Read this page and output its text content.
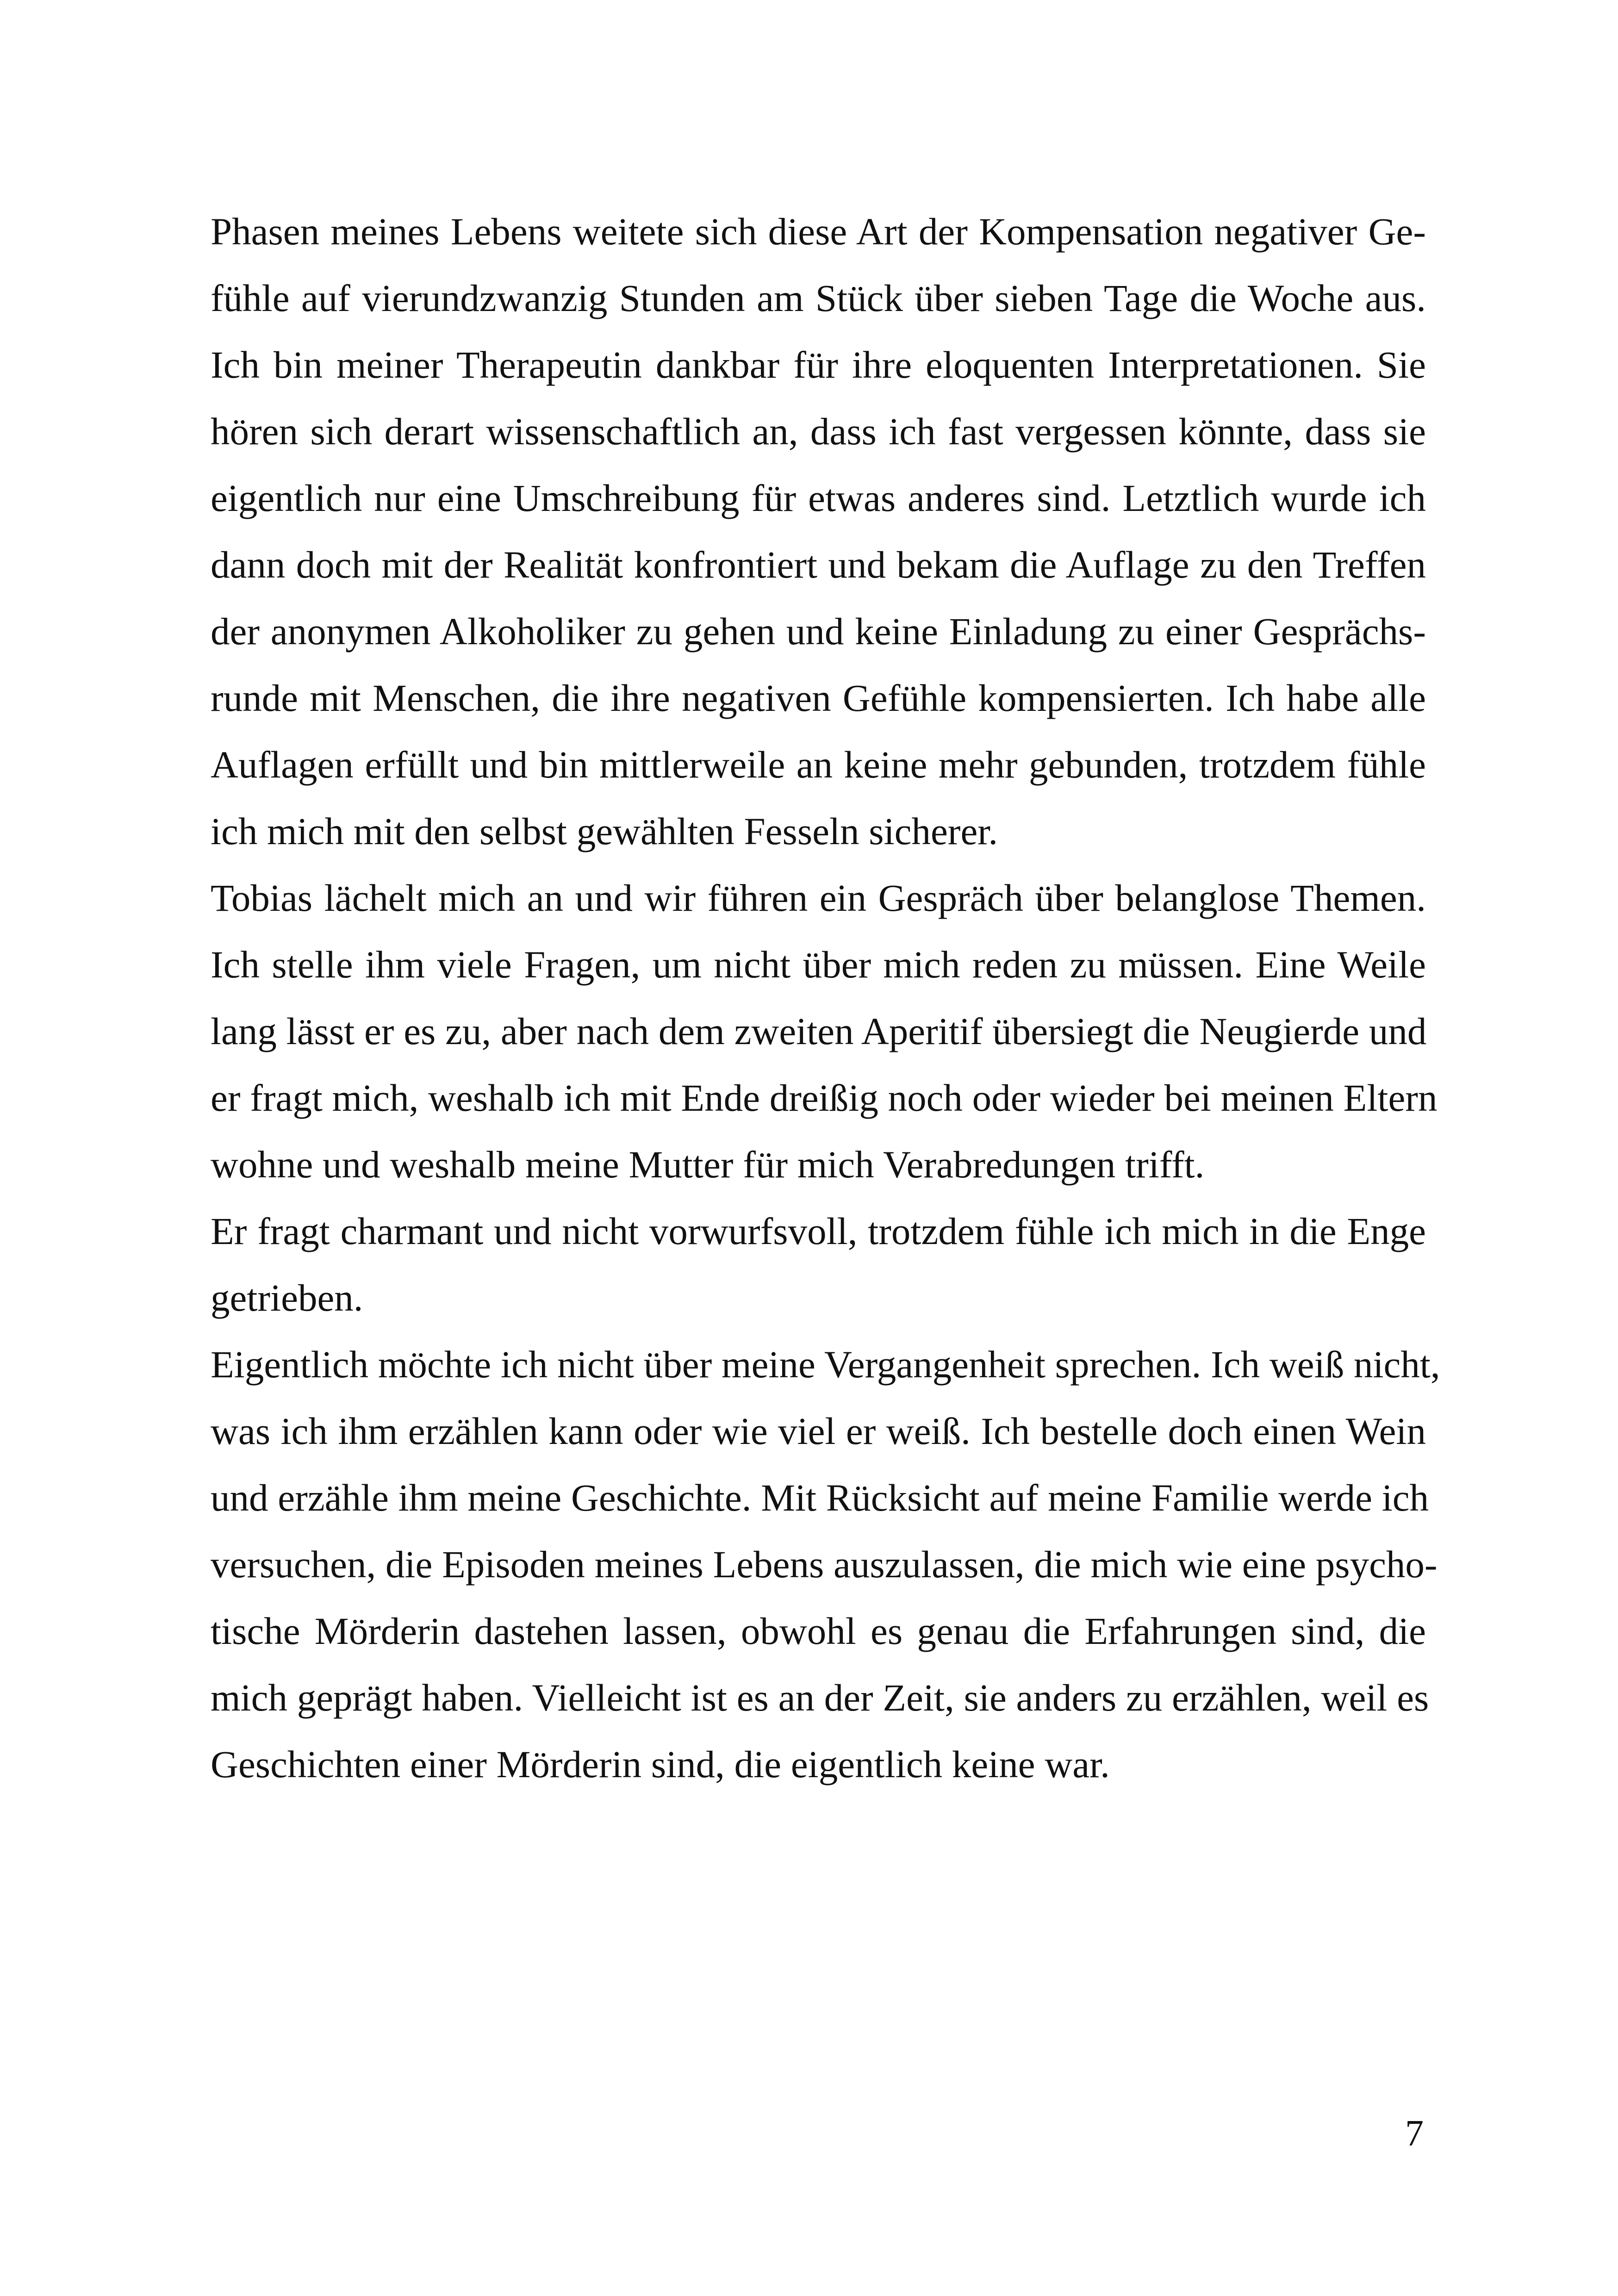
Phasen meines Lebens weitete sich diese Art der Kompensation negativer Ge-
fühle auf vierundzwanzig Stunden am Stück über sieben Tage die Woche aus.
Ich bin meiner Therapeutin dankbar für ihre eloquenten Interpretationen. Sie
hören sich derart wissenschaftlich an, dass ich fast vergessen könnte, dass sie
eigentlich nur eine Umschreibung für etwas anderes sind. Letztlich wurde ich
dann doch mit der Realität konfrontiert und bekam die Auflage zu den Treffen
der anonymen Alkoholiker zu gehen und keine Einladung zu einer Gesprächs-
runde mit Menschen, die ihre negativen Gefühle kompensierten. Ich habe alle
Auflagen erfüllt und bin mittlerweile an keine mehr gebunden, trotzdem fühle
ich mich mit den selbst gewählten Fesseln sicherer.
Tobias lächelt mich an und wir führen ein Gespräch über belanglose Themen.
Ich stelle ihm viele Fragen, um nicht über mich reden zu müssen. Eine Weile
lang lässt er es zu, aber nach dem zweiten Aperitif übersiegt die Neugierde und
er fragt mich, weshalb ich mit Ende dreißig noch oder wieder bei meinen Eltern
wohne und weshalb meine Mutter für mich Verabredungen trifft.
Er fragt charmant und nicht vorwurfsvoll, trotzdem fühle ich mich in die Enge
getrieben.
Eigentlich möchte ich nicht über meine Vergangenheit sprechen. Ich weiß nicht,
was ich ihm erzählen kann oder wie viel er weiß. Ich bestelle doch einen Wein
und erzähle ihm meine Geschichte. Mit Rücksicht auf meine Familie werde ich
versuchen, die Episoden meines Lebens auszulassen, die mich wie eine psycho-
tische Mörderin dastehen lassen, obwohl es genau die Erfahrungen sind, die
mich geprägt haben. Vielleicht ist es an der Zeit, sie anders zu erzählen, weil es
Geschichten einer Mörderin sind, die eigentlich keine war.
7
